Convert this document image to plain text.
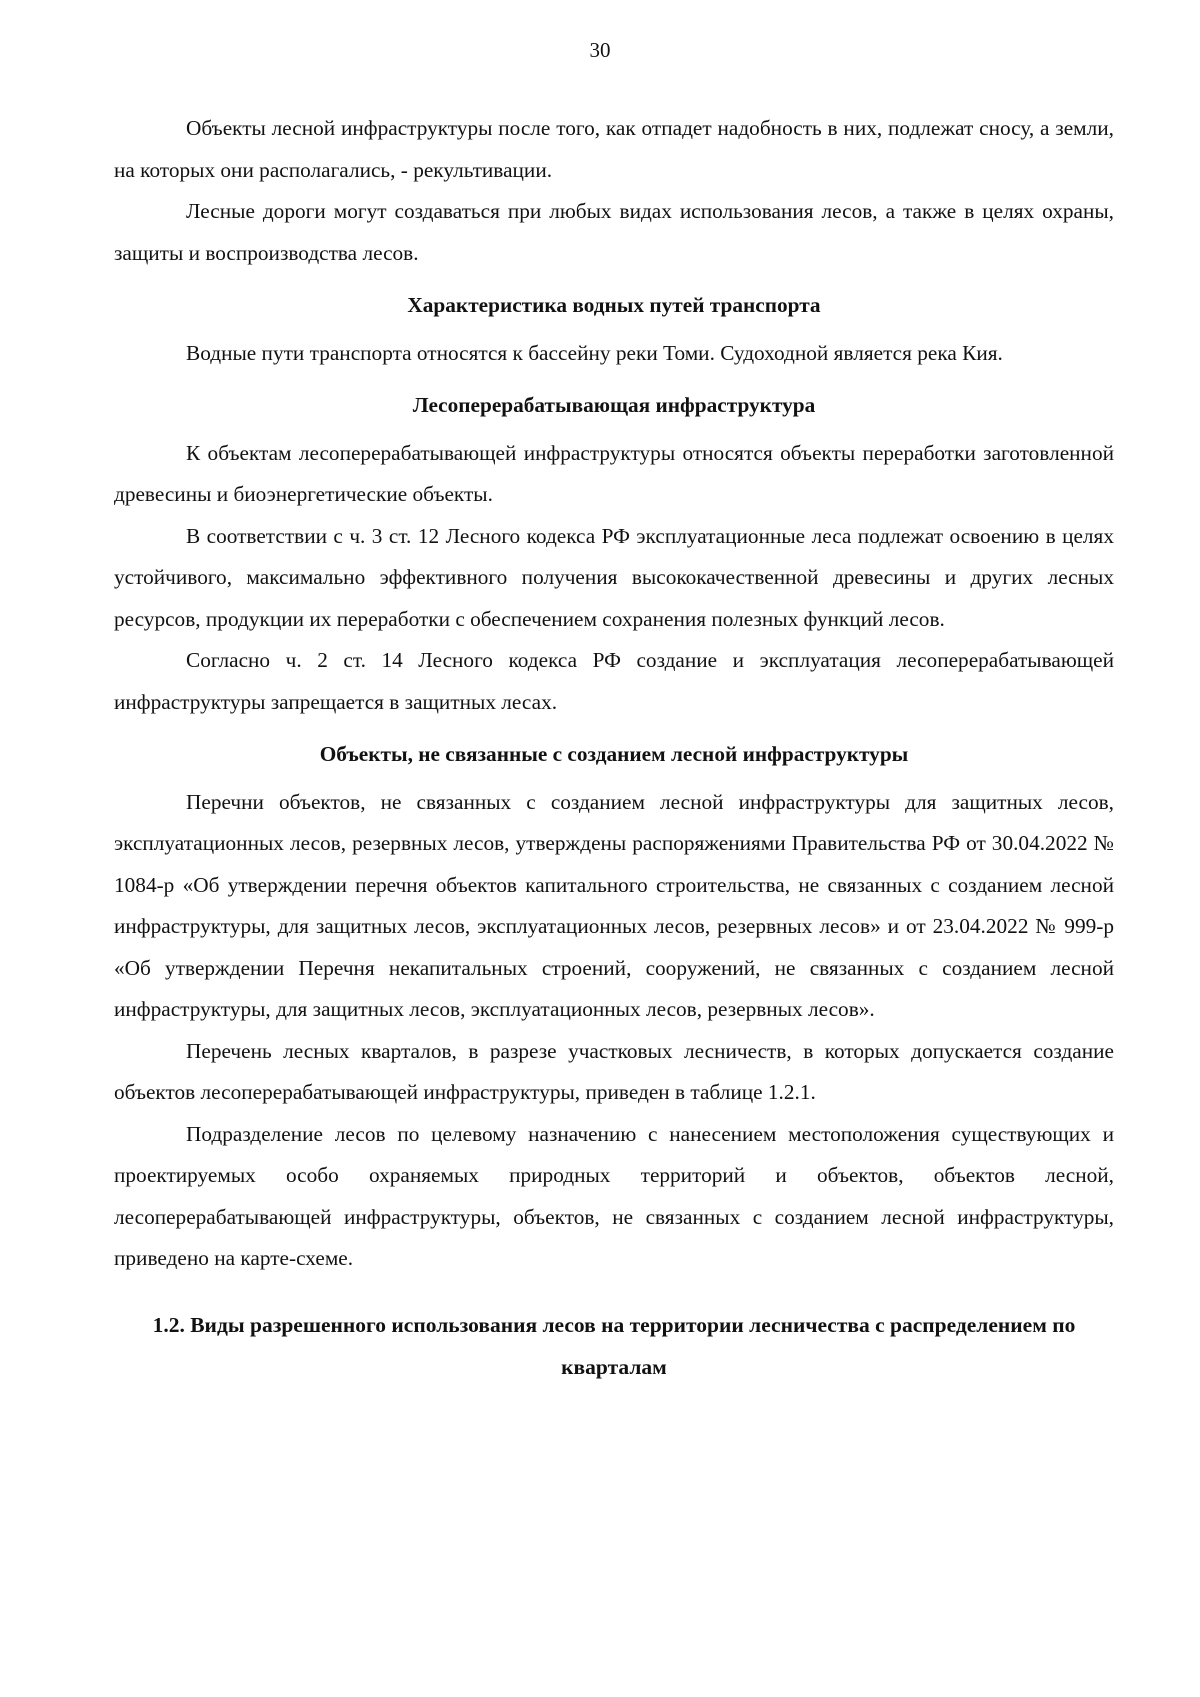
30

Объекты лесной инфраструктуры после того, как отпадет надобность в них, подлежат сносу, а земли, на которых они располагались, - рекультивации.

Лесные дороги могут создаваться при любых видах использования лесов, а также в целях охраны, защиты и воспроизводства лесов.

Характеристика водных путей транспорта

Водные пути транспорта относятся к бассейну реки Томи. Судоходной является река Кия.

Лесоперерабатывающая инфраструктура

К объектам лесоперерабатывающей инфраструктуры относятся объекты переработки заготовленной древесины и биоэнергетические объекты.

В соответствии с ч. 3 ст. 12 Лесного кодекса РФ эксплуатационные леса подлежат освоению в целях устойчивого, максимально эффективного получения высококачественной древесины и других лесных ресурсов, продукции их переработки с обеспечением сохранения полезных функций лесов.

Согласно ч. 2 ст. 14 Лесного кодекса РФ создание и эксплуатация лесоперерабатывающей инфраструктуры запрещается в защитных лесах.

Объекты, не связанные с созданием лесной инфраструктуры

Перечни объектов, не связанных с созданием лесной инфраструктуры для защитных лесов, эксплуатационных лесов, резервных лесов, утверждены распоряжениями Правительства РФ от 30.04.2022 № 1084-р «Об утверждении перечня объектов капитального строительства, не связанных с созданием лесной инфраструктуры, для защитных лесов, эксплуатационных лесов, резервных лесов» и от 23.04.2022 № 999-р «Об утверждении Перечня некапитальных строений, сооружений, не связанных с созданием лесной инфраструктуры, для защитных лесов, эксплуатационных лесов, резервных лесов».

Перечень лесных кварталов, в разрезе участковых лесничеств, в которых допускается создание объектов лесоперерабатывающей инфраструктуры, приведен в таблице 1.2.1.

Подразделение лесов по целевому назначению с нанесением местоположения существующих и проектируемых особо охраняемых природных территорий и объектов, объектов лесной, лесоперерабатывающей инфраструктуры, объектов, не связанных с созданием лесной инфраструктуры, приведено на карте-схеме.

1.2. Виды разрешенного использования лесов на территории лесничества с распределением по кварталам
